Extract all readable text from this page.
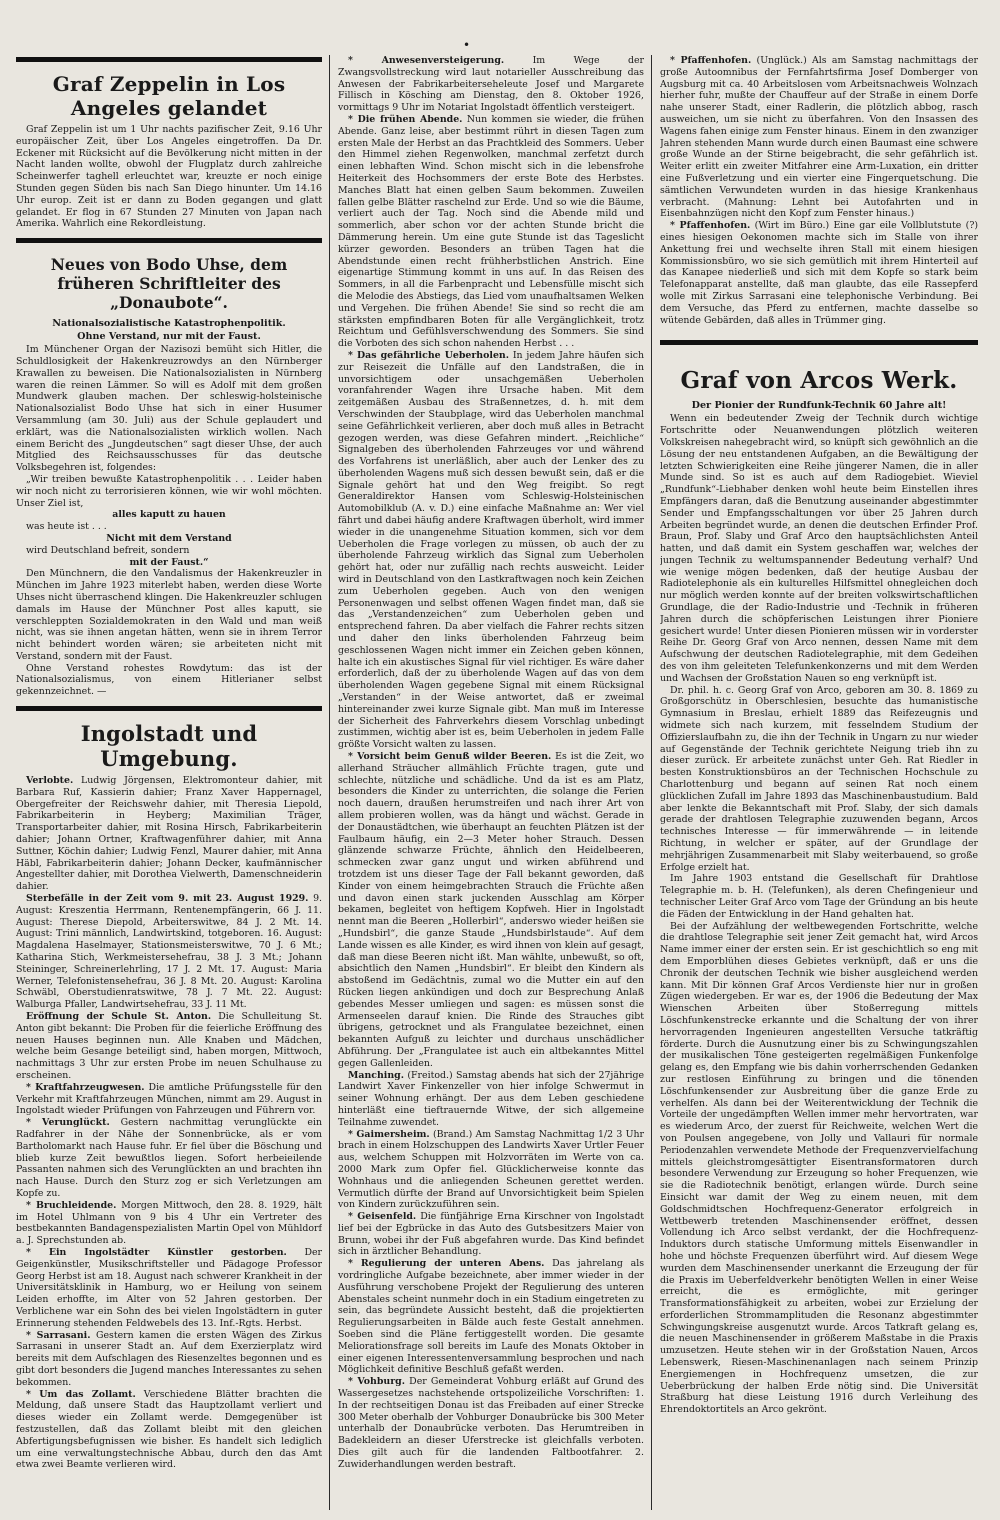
•
Graf Zeppelin in Los Angeles gelandet

Graf Zeppelin ist um 1 Uhr nachts pazifischer Zeit, 9.16 Uhr europäischer Zeit, über Los Angeles eingetroffen. Da Dr. Eckener mit Rücksicht auf die Bevölkerung nicht mitten in der Nacht landen wollte, obwohl der Flugplatz durch zahlreiche Scheinwerfer taghell erleuchtet war, kreuzte er noch einige Stunden gegen Süden bis nach San Diego hinunter. Um 14.16 Uhr europ. Zeit ist er dann zu Boden gegangen und glatt gelandet. Er flog in 67 Stunden 27 Minuten von Japan nach Amerika. Wahrlich eine Rekordleistung.

Neues von Bodo Uhse, dem früheren Schriftleiter des „Donaubote“.
Nationalsozialistische Katastrophenpolitik.
Ohne Verstand, nur mit der Faust.

Im Münchener Organ der Nazisozi bemüht sich Hitler, die Schuldlosigkeit der Hakenkreuzrowdys an den Nürnberger Krawallen zu beweisen. Die Nationalsozialisten in Nürnberg waren die reinen Lämmer. So will es Adolf mit dem großen Mundwerk glauben machen. Der schleswig-holsteinische Nationalsozialist Bodo Uhse hat sich in einer Husumer Versammlung (am 30. Juli) aus der Schule geplaudert und erklärt, was die Nationalsozialisten wirklich wollen. Nach einem Bericht des „Jungdeutschen“ sagt dieser Uhse, der auch Mitglied des Reichsausschusses für das deutsche Volksbegehren ist, folgendes:

„Wir treiben bewußte Katastrophenpolitik . . . Leider haben wir noch nicht zu terrorisieren können, wie wir wohl möchten. Unser Ziel ist,

alles kaputt zu hauen

was heute ist . . .

Nicht mit dem Verstand

wird Deutschland befreit, sondern

mit der Faust.“

Den Münchnern, die den Vandalismus der Hakenkreuzler in München im Jahre 1923 miterlebt haben, werden diese Worte Uhses nicht überraschend klingen. Die Hakenkreuzler schlugen damals im Hause der Münchner Post alles kaputt, sie verschleppten Sozialdemokraten in den Wald und man weiß nicht, was sie ihnen angetan hätten, wenn sie in ihrem Terror nicht behindert worden wären; sie arbeiteten nicht mit Verstand, sondern mit der Faust.

Ohne Verstand rohestes Rowdytum: das ist der Nationalsozialismus, von einem Hitlerianer selbst gekennzeichnet. —

Ingolstadt und Umgebung.

Verlobte. Ludwig Jörgensen, Elektromonteur dahier, mit Barbara Ruf, Kassierin dahier; Franz Xaver Happernagel, Obergefreiter der Reichswehr dahier, mit Theresia Liepold, Fabrikarbeiterin in Heyberg; Maximilian Träger, Transportarbeiter dahier, mit Rosina Hirsch, Fabrikarbeiterin dahier; Johann Ortner, Kraftwagenführer dahier, mit Anna Suttner, Köchin dahier; Ludwig Fenzl, Maurer dahier, mit Anna Häbl, Fabrikarbeiterin dahier; Johann Decker, kaufmännischer Angestellter dahier, mit Dorothea Vielwerth, Damenschneiderin dahier.

Sterbefälle in der Zeit vom 9. mit 23. August 1929. 9. August: Kreszentia Herrmann, Rentenempfängerin, 66 J. 11. August: Therese Diepold, Arbeiterswitwe, 84 J. 2 Mt. 14. August: Trini männlich, Landwirtskind, totgeboren. 16. August: Magdalena Haselmayer, Stationsmeisterswitwe, 70 J. 6 Mt.; Katharina Stich, Werkmeistersehefrau, 38 J. 3 Mt.; Johann Steininger, Schreinerlehrling, 17 J. 2 Mt. 17. August: Maria Werner, Telefonistensehefrau, 36 J. 8 Mt. 20. August: Karolina Schwäbl, Oberstudienratswitwe, 78 J. 7 Mt. 22. August: Walburga Pfaller, Landwirtsehefrau, 33 J. 11 Mt.

Eröffnung der Schule St. Anton. Die Schulleitung St. Anton gibt bekannt: Die Proben für die feierliche Eröffnung des neuen Hauses beginnen nun. Alle Knaben und Mädchen, welche beim Gesange beteiligt sind, haben morgen, Mittwoch, nachmittags 3 Uhr zur ersten Probe im neuen Schulhause zu erscheinen.

* Kraftfahrzeugwesen. Die amtliche Prüfungsstelle für den Verkehr mit Kraftfahrzeugen München, nimmt am 29. August in Ingolstadt wieder Prüfungen von Fahrzeugen und Führern vor.

* Verunglückt. Gestern nachmittag verunglückte ein Radfahrer in der Nähe der Sonnenbrücke, als er vom Bartholomarkt nach Hause fuhr. Er fiel über die Böschung und blieb kurze Zeit bewußtlos liegen. Sofort herbeieilende Passanten nahmen sich des Verunglückten an und brachten ihn nach Hause. Durch den Sturz zog er sich Verletzungen am Kopfe zu.

* Bruchleidende. Morgen Mittwoch, den 28. 8. 1929, hält im Hotel Uhlmann von 9 bis 4 Uhr ein Vertreter des bestbekannten Bandagenspezialisten Martin Opel von Mühldorf a. J. Sprechstunden ab.

* Ein Ingolstädter Künstler gestorben. Der Geigenkünstler, Musikschriftsteller und Pädagoge Professor Georg Herbst ist am 18. August nach schwerer Krankheit in der Universitätsklinik in Hamburg, wo er Heilung von seinem Leiden erhoffte, im Alter von 52 Jahren gestorben. Der Verblichene war ein Sohn des bei vielen Ingolstädtern in guter Erinnerung stehenden Feldwebels des 13. Inf.-Rgts. Herbst.

* Sarrasani. Gestern kamen die ersten Wägen des Zirkus Sarrasani in unserer Stadt an. Auf dem Exerzierplatz wird bereits mit dem Aufschlagen des Riesenzeltes begonnen und es gibt dort besonders die Jugend manches Interessantes zu sehen bekommen.

* Um das Zollamt. Verschiedene Blätter brachten die Meldung, daß unsere Stadt das Hauptzollamt verliert und dieses wieder ein Zollamt werde. Demgegenüber ist festzustellen, daß das Zollamt bleibt mit den gleichen Abfertigungsbefugnissen wie bisher. Es handelt sich lediglich um eine verwaltungstechnische Abbau, durch den das Amt etwa zwei Beamte verlieren wird.

* Anwesenversteigerung.	Im Wege der Zwangsvollstreckung wird laut notarieller Ausschreibung das Anwesen der Fabrikarbeiterseheleute Josef und Margarete Fillisch in Kösching am Dienstag, den 8. Oktober 1926, vormittags 9 Uhr im Notariat Ingolstadt öffentlich versteigert.

* Die frühen Abende. Nun kommen sie wieder, die frühen Abende. Ganz leise, aber bestimmt rührt in diesen Tagen zum ersten Male der Herbst an das Prachtkleid des Sommers. Ueber den Himmel ziehen Regenwolken, manchmal zerfetzt durch einen lebhaften Wind. Schon mischt sich in die lebensfrohe Heiterkeit des Hochsommers der erste Bote des Herbstes. Manches Blatt hat einen gelben Saum bekommen. Zuweilen fallen gelbe Blätter raschelnd zur Erde. Und so wie die Bäume, verliert auch der Tag. Noch sind die Abende mild und sommerlich, aber schon vor der achten Stunde bricht die Dämmerung herein. Um eine gute Stunde ist das Tageslicht kürzer geworden. Besonders an trüben Tagen hat die Abendstunde einen recht frühherbstlichen Anstrich. Eine eigenartige Stimmung kommt in uns auf. In das Reisen des Sommers, in all die Farbenpracht und Lebensfülle mischt sich die Melodie des Abstiegs, das Lied vom unaufhaltsamen Welken und Vergehen. Die frühen Abende! Sie sind so recht die am stärksten empfindbaren Boten für alle Vergänglichkeit, trotz Reichtum und Gefühlsverschwendung des Sommers. Sie sind die Vorboten des sich schon nahenden Herbst . . .

* Das gefährliche Ueberholen. In jedem Jahre häufen sich zur Reisezeit die Unfälle auf den Landstraßen, die in unvorsichtigem oder unsachgemäßen Ueberholen voranfahrender Wagen ihre Ursache haben. Mit dem zeitgemäßen Ausbau des Straßennetzes, d. h. mit dem Verschwinden der Staubplage, wird das Ueberholen manchmal seine Gefährlichkeit verlieren, aber doch muß alles in Betracht gezogen werden, was diese Gefahren mindert. „Reichliche“ Signalgeben des überholenden Fahrzeuges vor und während des Vorfahrens ist unerläßlich, aber auch der Lenker des zu überholenden Wagens muß sich dessen bewußt sein, daß er die Signale gehört hat und den Weg freigibt. So regt Generaldirektor Hansen vom Schleswig-Holsteinischen Automobilklub (A. v. D.) eine einfache Maßnahme an: Wer viel fährt und dabei häufig andere Kraftwagen überholt, wird immer wieder in die unangenehme Situation kommen, sich vor dem Ueberholen die Frage vorlegen zu müssen, ob auch der zu überholende Fahrzeug wirklich das Signal zum Ueberholen gehört hat, oder nur zufällig nach rechts ausweicht. Leider wird in Deutschland von den Lastkraftwagen noch kein Zeichen zum Ueberholen gegeben. Auch von den wenigen Personenwagen und selbst offenen Wagen findet man, daß sie das „Verstandenzeichen“ zum Ueberholen geben und entsprechend fahren. Da aber vielfach die Fahrer rechts sitzen und daher den links überholenden Fahrzeug beim geschlossenen Wagen nicht immer ein Zeichen geben können, halte ich ein akustisches Signal für viel richtiger. Es wäre daher erforderlich, daß der zu überholende Wagen auf das von dem überholenden Wagen gegebene Signal mit einem Rücksignal „Verstanden“ in der Weise antwortet, daß er zweimal hintereinander zwei kurze Signale gibt. Man muß im Interesse der Sicherheit des Fahrverkehrs diesem Vorschlag unbedingt zustimmen, wichtig aber ist es, beim Ueberholen in jedem Falle größte Vorsicht walten zu lassen.

* Vorsicht beim Genuß wilder Beeren. Es ist die Zeit, wo allerhand Sträucher allmählich Früchte tragen, gute und schlechte, nützliche und schädliche. Und da ist es am Platz, besonders die Kinder zu unterrichten, die solange die Ferien noch dauern, draußen herumstreifen und nach ihrer Art von allem probieren wollen, was da hängt und wächst. Gerade in der Donaustädtchen, wie überhaupt an feuchten Plätzen ist der Faulbaum häufig, ein 2—3 Meter hoher Strauch. Dessen glänzende schwarze Früchte, ähnlich den Heidelbeeren, schmecken zwar ganz ungut und wirken abführend und trotzdem ist uns dieser Tage der Fall bekannt geworden, daß Kinder von einem heimgebrachten Strauch die Früchte aßen und davon einen stark juckenden Ausschlag am Körper bekamen, begleitet von heftigem Kopfweh. Hier in Ingolstadt nennt man die Beeren „Hollerbirl“, anderswo wieder heißen sie „Hundsbirl“, die ganze Staude „Hundsbirlstaude“. Auf dem Lande wissen es alle Kinder, es wird ihnen von klein auf gesagt, daß man diese Beeren nicht ißt. Man wählte, unbewußt, so oft, absichtlich den Namen „Hundsbirl“. Er bleibt den Kindern als abstoßend im Gedächtnis, zumal wo die Mutter ein auf den Rücken liegen ankündigen und doch zur Besprechung Anlaß gebendes Messer umliegen und sagen: es müssen sonst die Armenseelen darauf knien. Die Rinde des Strauches gibt übrigens, getrocknet und als Frangulatee bezeichnet, einen bekannten Aufguß zu leichter und durchaus unschädlicher Abführung. Der „Frangulatee ist auch ein altbekanntes Mittel gegen Gallenleiden.

Manching. (Freitod.) Samstag abends hat sich der 27jährige Landwirt Xaver Finkenzeller von hier infolge Schwermut in seiner Wohnung erhängt. Der aus dem Leben geschiedene hinterläßt eine tieftrauernde Witwe, der sich allgemeine Teilnahme zuwendet.

* Gaimersheim. (Brand.) Am Samstag Nachmittag 1/2 3 Uhr brach in einem Holzschuppen des Landwirts Xaver Urtler Feuer aus, welchem Schuppen mit Holzvorräten im Werte von ca. 2000 Mark zum Opfer fiel. Glücklicherweise konnte das Wohnhaus und die anliegenden Scheunen gerettet werden. Vermutlich dürfte der Brand auf Unvorsichtigkeit beim Spielen von Kindern zurückzuführen sein.

* Geisenfeld. Die fünfjährige Erna Kirschner von Ingolstadt lief bei der Egbrücke in das Auto des Gutsbesitzers Maier von Brunn, wobei ihr der Fuß abgefahren wurde. Das Kind befindet sich in ärztlicher Behandlung.

* Regulierung der unteren Abens. Das jahrelang als vordringliche Aufgabe bezeichnete, aber immer wieder in der Ausführung verschobene Projekt der Regulierung des unteren Abenstales scheint nunmehr doch in ein Stadium eingetreten zu sein, das begründete Aussicht besteht, daß die projektierten Regulierungsarbeiten in Bälde auch feste Gestalt annehmen. Soeben sind die Pläne fertiggestellt worden. Die gesamte Meliorationsfrage soll bereits im Laufe des Monats Oktober in einer eigenen Interessentenversammlung besprochen und nach Möglichkeit definitive Beschluß gefaßt werden.

* Vohburg. Der Gemeinderat Vohburg erläßt auf Grund des Wassergesetzes nachstehende ortspolizeiliche Vorschriften: 1. In der rechtseitigen Donau ist das Freibaden auf einer Strecke 300 Meter oberhalb der Vohburger Donaubrücke bis 300 Meter unterhalb der Donaubrücke verboten. Das Herumtreiben in Badekleidern an dieser Uferstrecke ist gleichfalls verboten. Dies gilt auch für die landenden Faltbootfahrer. 2. Zuwiderhandlungen werden bestraft.

* Pfaffenhofen. (Unglück.) Als am Samstag nachmittags der große Autoomnibus der Fernfahrtsfirma Josef Domberger von Augsburg mit ca. 40 Arbeitslosen vom Arbeitsnachweis Wolnzach hierher fuhr, mußte der Chauffeur auf der Straße in einem Dorfe nahe unserer Stadt, einer Radlerin, die plötzlich abbog, rasch ausweichen, um sie nicht zu überfahren. Von den Insassen des Wagens fahen einige zum Fenster hinaus. Einem in den zwanziger Jahren stehenden Mann wurde durch einen Baumast eine schwere große Wunde an der Stirne beigebracht, die sehr gefährlich ist. Weiter erlitt ein zweiter Mitfahrer eine Arm-Luxation, ein dritter eine Fußverletzung und ein vierter eine Fingerquetschung. Die sämtlichen Verwundeten wurden in das hiesige Krankenhaus verbracht. (Mahnung: Lehnt bei Autofahrten und in Eisenbahnzügen nicht den Kopf zum Fenster hinaus.)

* Pfaffenhofen. (Wirt im Büro.) Eine gar eile Vollblutstute (?) eines hiesigen Oekonomen machte sich im Stalle von ihrer Ankettung frei und wechselte ihren Stall mit einem hiesigen Kommissionsbüro, wo sie sich gemütlich mit ihrem Hinterteil auf das Kanapee niederließ und sich mit dem Kopfe so stark beim Telefonapparat anstellte, daß man glaubte, das eile Rassepferd wolle mit Zirkus Sarrasani eine telephonische Verbindung. Bei dem Versuche, das Pferd zu entfernen, machte dasselbe so wütende Gebärden, daß alles in Trümmer ging.

Graf von Arcos Werk.
Der Pionier der Rundfunk-Technik 60 Jahre alt!

Wenn ein bedeutender Zweig der Technik durch wichtige Fortschritte oder Neuanwendungen plötzlich weiteren Volkskreisen nahegebracht wird, so knüpft sich gewöhnlich an die Lösung der neu entstandenen Aufgaben, an die Bewältigung der letzten Schwierigkeiten eine Reihe jüngerer Namen, die in aller Munde sind. So ist es auch auf dem Radiogebiet. Wieviel „Rundfunk“-Liebhaber denken wohl heute beim Einstellen ihres Empfängers daran, daß die Benutzung auseinander abgestimmter Sender und Empfangsschaltungen vor über 25 Jahren durch Arbeiten begründet wurde, an denen die deutschen Erfinder Prof. Braun, Prof. Slaby und Graf Arco den hauptsächlichsten Anteil hatten, und daß damit ein System geschaffen war, welches der jungen Technik zu weltumspannender Bedeutung verhalf? Und wie wenige mögen bedenken, daß der heutige Ausbau der Radiotelephonie als ein kulturelles Hilfsmittel ohnegleichen doch nur möglich werden konnte auf der breiten volkswirtschaftlichen Grundlage, die der Radio-Industrie und -Technik in früheren Jahren durch die schöpferischen Leistungen ihrer Pioniere gesichert wurde! Unter diesen Pionieren müssen wir in vorderster Reihe Dr. Georg Graf von Arco nennen, dessen Name mit dem Aufschwung der deutschen Radiotelegraphie, mit dem Gedeihen des von ihm geleiteten Telefunkenkonzerns und mit dem Werden und Wachsen der Großstation Nauen so eng verknüpft ist.

Dr. phil. h. c. Georg Graf von Arco, geboren am 30. 8. 1869 zu Großgorschütz in Oberschlesien, besuchte das humanistische Gymnasium in Breslau, erhielt 1889 das Reifezeugnis und widmete sich nach kurzem, mit fesselndem Studium der Offizierslaufbahn zu, die ihn der Technik in Ungarn zu nur wieder auf Gegenstände der Technik gerichtete Neigung trieb ihn zu dieser zurück. Er arbeitete zunächst unter Geh. Rat Riedler in besten Konstruktionsbüros an der Technischen Hochschule zu Charlottenburg und begann auf seinen Rat noch einem glücklichen Zufall im Jahre 1893 das Maschinenbaustudium. Bald aber lenkte die Bekanntschaft mit Prof. Slaby, der sich damals gerade der drahtlosen Telegraphie zuzuwenden begann, Arcos technisches Interesse — für immerwährende — in leitende Richtung, in welcher er später, auf der Grundlage der mehrjährigen Zusammenarbeit mit Slaby weiterbauend, so große Erfolge erzielt hat.

Im Jahre 1903 entstand die Gesellschaft für Drahtlose Telegraphie m. b. H. (Telefunken), als deren Chefingenieur und technischer Leiter Graf Arco vom Tage der Gründung an bis heute die Fäden der Entwicklung in der Hand gehalten hat.

Bei der Aufzählung der weltbewegenden Fortschritte, welche die drahtlose Telegraphie seit jener Zeit gemacht hat, wird Arcos Name immer einer der ersten sein. Er ist geschichtlich so eng mit dem Emporblühen dieses Gebietes verknüpft, daß er uns die Chronik der deutschen Technik wie bisher ausgleichend werden kann. Mit Dir können Graf Arcos Verdienste hier nur in großen Zügen wiedergeben. Er war es, der 1906 die Bedeutung der Max Wienschen Arbeiten über Stoßerregung mittels Löschfunkenstrecke erkannte und die Schaltung der von ihrer hervorragenden Ingenieuren angestellten Versuche tatkräftig förderte. Durch die Ausnutzung einer bis zu Schwingungszahlen der musikalischen Töne gesteigerten regelmäßigen Funkenfolge gelang es, den Empfang wie bis dahin vorherrschenden Gedanken zur restlosen Einführung zu bringen und die tönenden Löschfunkensender zur Ausbreitung über die ganze Erde zu verhelfen. Als dann bei der Weiterentwicklung der Technik die Vorteile der ungedämpften Wellen immer mehr hervortraten, war es wiederum Arco, der zuerst für Reichweite, welchen Wert die von Poulsen angegebene, von Jolly und Vallauri für normale Periodenzahlen verwendete Methode der Frequenzvervielfachung mittels gleichstromgesättigter Eisentransformatoren durch besondere Verwendung zur Erzeugung so hoher Frequenzen, wie sie die Radiotechnik benötigt, erlangen würde. Durch seine Einsicht war damit der Weg zu einem neuen, mit dem Goldschmidtschen Hochfrequenz-Generator erfolgreich in Wettbewerb tretenden Maschinensender eröffnet, dessen Vollendung ich Arco selbst verdankt, der die Hochfrequenz-Induktors durch statische Umformung mittels Eisenwandler in hohe und höchste Frequenzen überführt wird. Auf diesem Wege wurden dem Maschinensender unerkannt die Erzeugung der für die Praxis im Ueberfeldverkehr benötigten Wellen in einer Weise erreicht, die es ermöglichte, mit geringer Transformationsfähigkeit zu arbeiten, wobei zur Erzielung der erforderlichen Strommamplituden die Resonanz abgestimmter Schwingungskreise ausgenutzt wurde. Arcos Tatkraft gelang es, die neuen Maschinensender in größerem Maßstabe in die Praxis umzusetzen. Heute stehen wir in der Großstation Nauen, Arcos Lebenswerk, Riesen-Maschinenanlagen nach seinem Prinzip Energiemengen in Hochfrequenz umsetzen, die zur Ueberbrückung der halben Erde nötig sind. Die Universität Straßburg hat diese Leistung 1916 durch Verleihung des Ehrendoktortitels an Arco gekrönt.
